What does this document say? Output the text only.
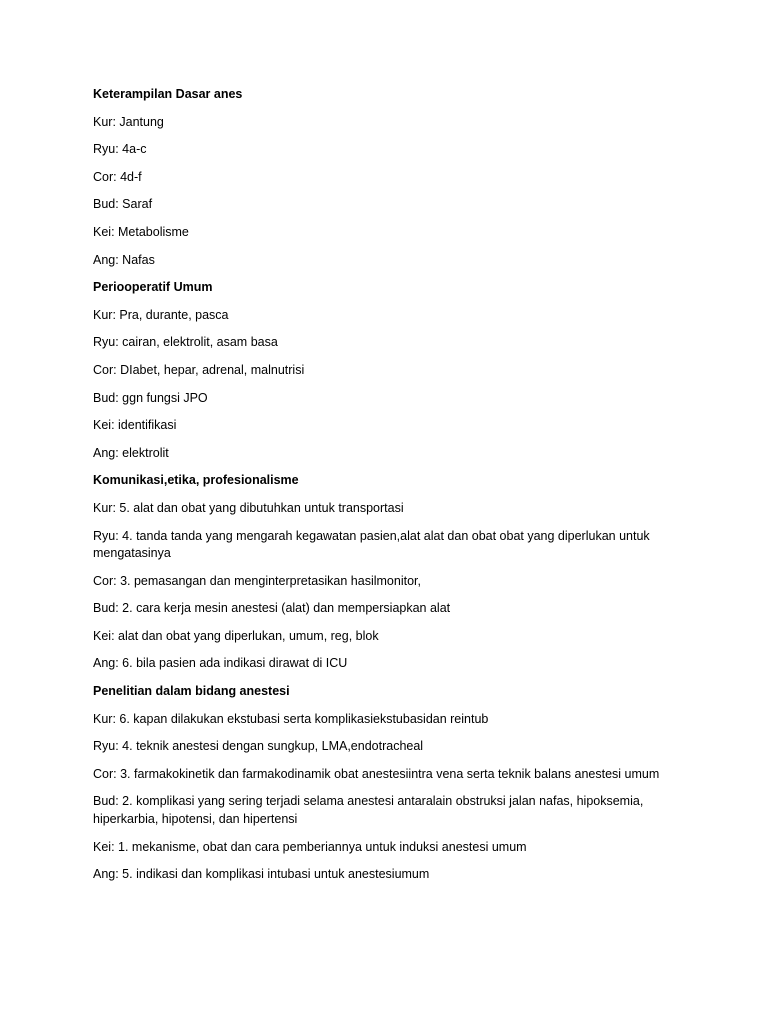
Keterampilan Dasar anes
Kur: Jantung
Ryu: 4a-c
Cor: 4d-f
Bud: Saraf
Kei: Metabolisme
Ang: Nafas
Periooperatif Umum
Kur: Pra, durante, pasca
Ryu: cairan, elektrolit, asam basa
Cor: DIabet, hepar, adrenal, malnutrisi
Bud: ggn fungsi JPO
Kei: identifikasi
Ang: elektrolit
Komunikasi,etika, profesionalisme
Kur: 5. alat dan obat yang dibutuhkan untuk transportasi
Ryu: 4. tanda tanda yang mengarah kegawatan pasien,alat alat dan obat obat yang diperlukan untuk mengatasinya
Cor: 3. pemasangan dan menginterpretasikan hasilmonitor,
Bud: 2. cara kerja mesin anestesi (alat) dan mempersiapkan alat
Kei: alat dan obat yang diperlukan, umum, reg, blok
Ang: 6. bila pasien ada indikasi dirawat di ICU
Penelitian dalam bidang anestesi
Kur: 6. kapan dilakukan ekstubasi serta komplikasiekstubasidan reintub
Ryu: 4. teknik anestesi dengan sungkup, LMA,endotracheal
Cor: 3. farmakokinetik dan farmakodinamik obat anestesiintra vena serta teknik balans anestesi umum
Bud: 2. komplikasi yang sering terjadi selama anestesi antaralain obstruksi jalan nafas, hipoksemia, hiperkarbia, hipotensi, dan hipertensi
Kei: 1. mekanisme, obat dan cara pemberiannya untuk induksi anestesi umum
Ang: 5. indikasi dan komplikasi intubasi untuk anestesiumum
